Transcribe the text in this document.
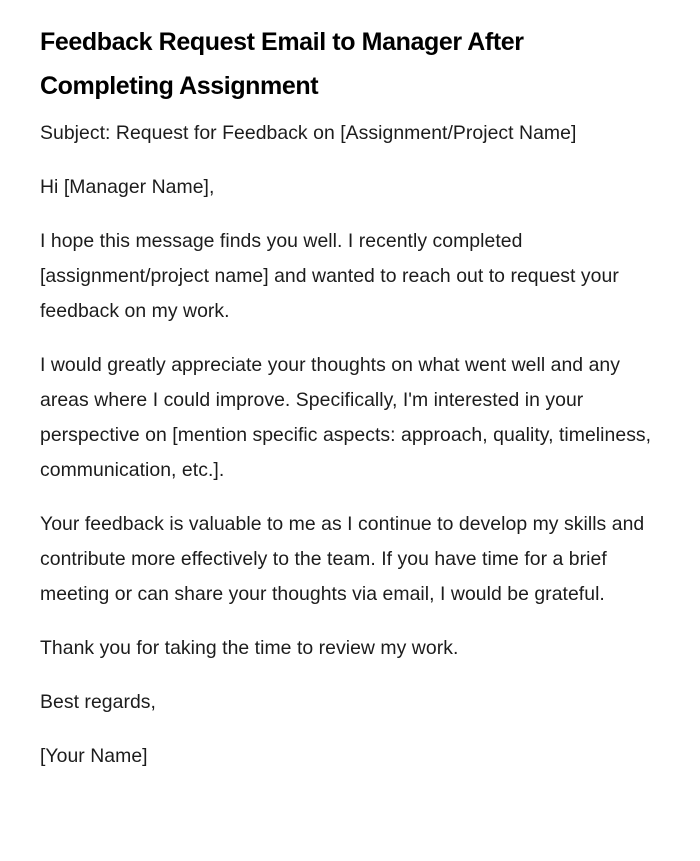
Feedback Request Email to Manager After Completing Assignment

Subject: Request for Feedback on [Assignment/Project Name]

Hi [Manager Name],

I hope this message finds you well. I recently completed [assignment/project name] and wanted to reach out to request your feedback on my work.

I would greatly appreciate your thoughts on what went well and any areas where I could improve. Specifically, I'm interested in your perspective on [mention specific aspects: approach, quality, timeliness, communication, etc.].

Your feedback is valuable to me as I continue to develop my skills and contribute more effectively to the team. If you have time for a brief meeting or can share your thoughts via email, I would be grateful.

Thank you for taking the time to review my work.

Best regards,

[Your Name]
